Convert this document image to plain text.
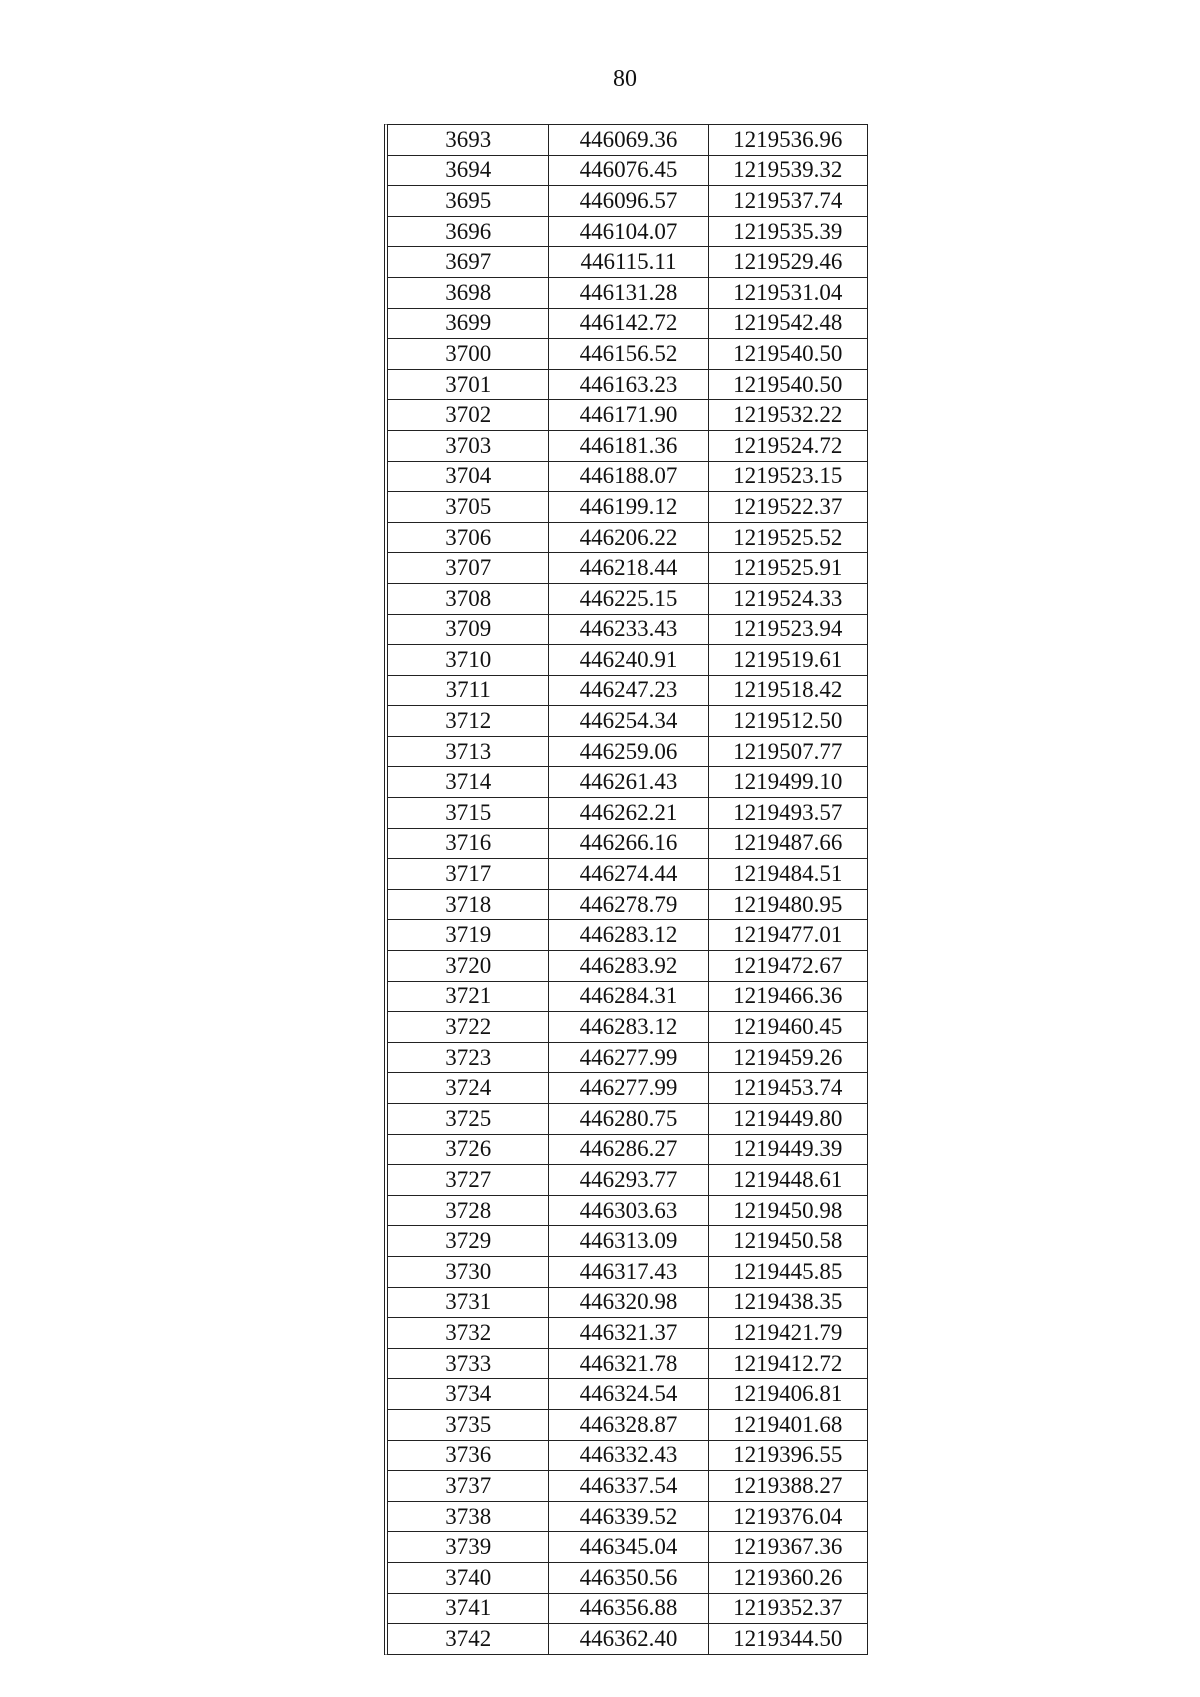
80
3693	446069.36	1219536.96
3694	446076.45	1219539.32
3695	446096.57	1219537.74
3696	446104.07	1219535.39
3697	446115.11	1219529.46
3698	446131.28	1219531.04
3699	446142.72	1219542.48
3700	446156.52	1219540.50
3701	446163.23	1219540.50
3702	446171.90	1219532.22
3703	446181.36	1219524.72
3704	446188.07	1219523.15
3705	446199.12	1219522.37
3706	446206.22	1219525.52
3707	446218.44	1219525.91
3708	446225.15	1219524.33
3709	446233.43	1219523.94
3710	446240.91	1219519.61
3711	446247.23	1219518.42
3712	446254.34	1219512.50
3713	446259.06	1219507.77
3714	446261.43	1219499.10
3715	446262.21	1219493.57
3716	446266.16	1219487.66
3717	446274.44	1219484.51
3718	446278.79	1219480.95
3719	446283.12	1219477.01
3720	446283.92	1219472.67
3721	446284.31	1219466.36
3722	446283.12	1219460.45
3723	446277.99	1219459.26
3724	446277.99	1219453.74
3725	446280.75	1219449.80
3726	446286.27	1219449.39
3727	446293.77	1219448.61
3728	446303.63	1219450.98
3729	446313.09	1219450.58
3730	446317.43	1219445.85
3731	446320.98	1219438.35
3732	446321.37	1219421.79
3733	446321.78	1219412.72
3734	446324.54	1219406.81
3735	446328.87	1219401.68
3736	446332.43	1219396.55
3737	446337.54	1219388.27
3738	446339.52	1219376.04
3739	446345.04	1219367.36
3740	446350.56	1219360.26
3741	446356.88	1219352.37
3742	446362.40	1219344.50
